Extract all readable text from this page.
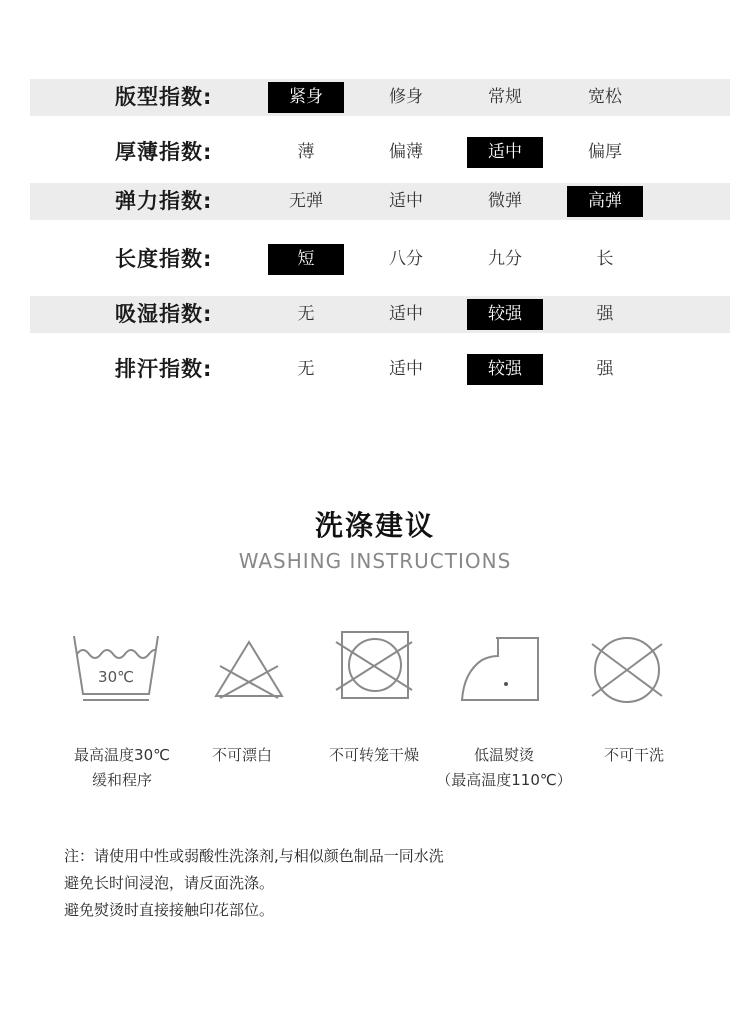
版型指数:	紧身	修身	常规	宽松
厚薄指数:	薄	偏薄	适中	偏厚
弹力指数:	无弹	适中	微弹	高弹
长度指数:	短	八分	九分	长
吸湿指数:	无	适中	较强	强
排汗指数:	无	适中	较强	强
洗涤建议
WASHING INSTRUCTIONS
30℃
最高温度30℃
缓和程序
不可漂白	不可转笼干燥	低温熨烫
（最高温度110℃）
不可干洗
注：请使用中性或弱酸性洗涤剂,与相似颜色制品一同水洗
避免长时间浸泡，请反面洗涤。
避免熨烫时直接接触印花部位。
